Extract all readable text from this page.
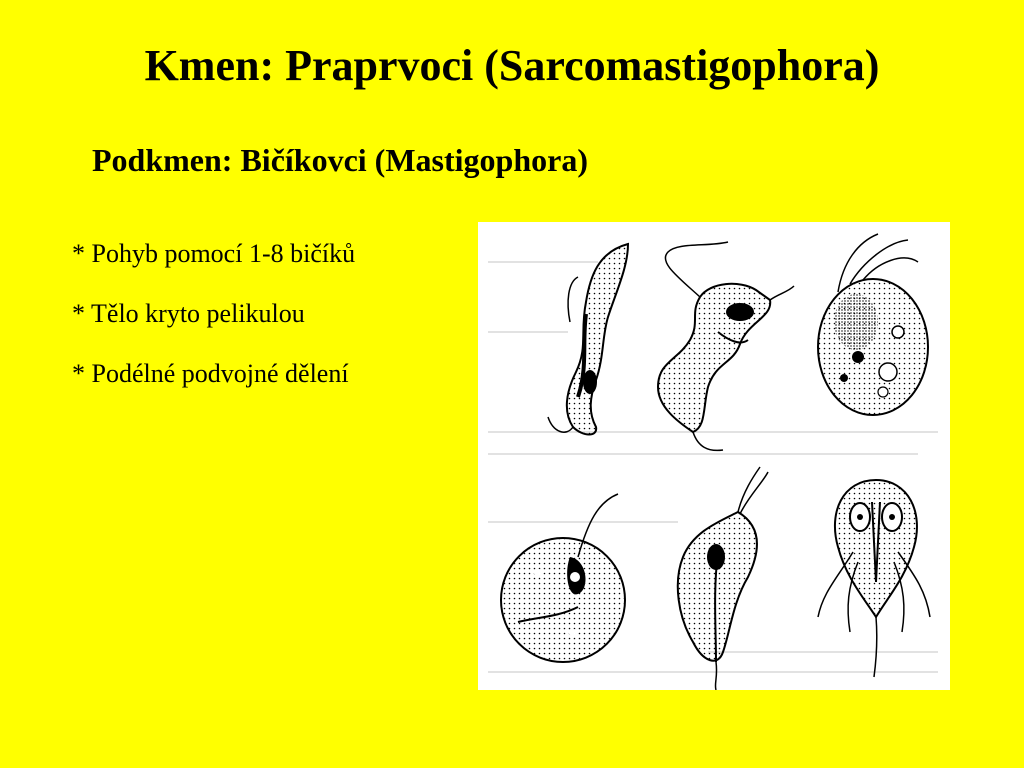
Kmen: Praprvoci (Sarcomastigophora)
Podkmen: Bičíkovci (Mastigophora)
* Pohyb pomocí 1-8 bičíků
* Tělo kryto pelikulou
* Podélné podvojné dělení
